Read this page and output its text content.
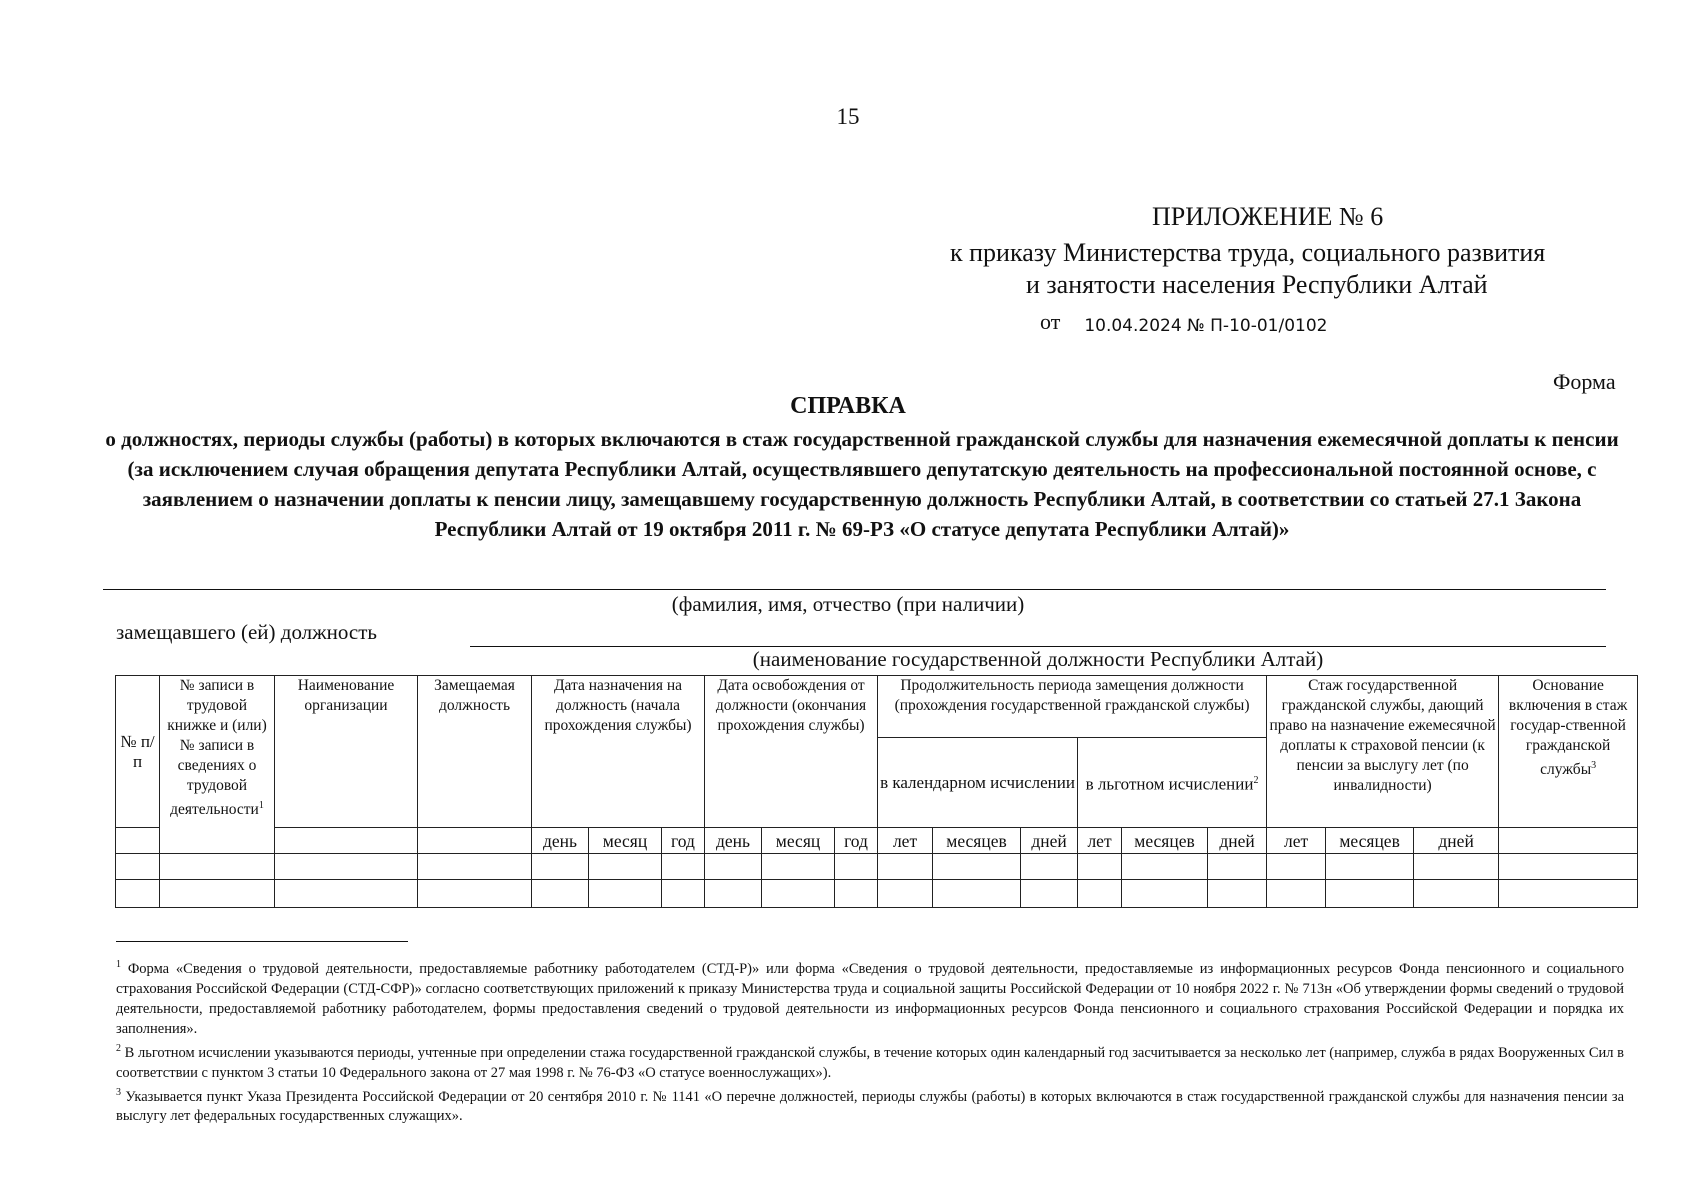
15
ПРИЛОЖЕНИЕ № 6
к приказу Министерства труда, социального развития
и занятости населения Республики Алтай
от 10.04.2024 № П-10-01/0102
Форма
СПРАВКА
о должностях, периоды службы (работы) в которых включаются в стаж государственной гражданской службы для назначения ежемесячной доплаты к пенсии (за исключением случая обращения депутата Республики Алтай, осуществлявшего депутатскую деятельность на профессиональной постоянной основе, с заявлением о назначении доплаты к пенсии лицу, замещавшему государственную должность Республики Алтай, в соответствии со статьей 27.1 Закона Республики Алтай от 19 октября 2011 г. № 69-РЗ «О статусе депутата Республики Алтай)»
(фамилия, имя, отчество (при наличии)
замещавшего (ей) должность
(наименование государственной должности Республики Алтай)
№ п/п	№ записи в трудовой книжке и (или) № записи в сведениях о трудовой деятельности$^1$	Наименование организации	Замещаемая должность	Дата назначения на должность (начала прохождения службы)			Дата освобождения от должности (окончания прохождения службы)			Продолжительность периода замещения должности (прохождения государственной гражданской службы)						Стаж государственной гражданской службы, дающий право на назначение ежемесячной доплаты к страховой пенсии (к пенсии за выслугу лет (по инвалидности)			Основание включения в стаж государ-ственной гражданской службы$^3$
										в календарном исчислении			в льготном исчислении$^2$
				день	месяц	год	день	месяц	год	лет	месяцев	дней	лет	месяцев	дней	лет	месяцев	дней	

$^1$ Форма «Сведения о трудовой деятельности, предоставляемые работнику работодателем (СТД-Р)» или форма «Сведения о трудовой деятельности, предоставляемые из информационных ресурсов Фонда пенсионного и социального страхования Российской Федерации (СТД-СФР)» согласно соответствующих приложений к приказу Министерства труда и социальной защиты Российской Федерации от 10 ноября 2022 г. № 713н «Об утверждении формы сведений о трудовой деятельности, предоставляемой работнику работодателем, формы предоставления сведений о трудовой деятельности из информационных ресурсов Фонда пенсионного и социального страхования Российской Федерации и порядка их заполнения».

$^2$ В льготном исчислении указываются периоды, учтенные при определении стажа государственной гражданской службы, в течение которых один календарный год засчитывается за несколько лет (например, служба в рядах Вооруженных Сил в соответствии с пунктом 3 статьи 10 Федерального закона от 27 мая 1998 г. № 76-ФЗ «О статусе военнослужащих»).

$^3$ Указывается пункт Указа Президента Российской Федерации от 20 сентября 2010 г. № 1141 «О перечне должностей, периоды службы (работы) в которых включаются в стаж государственной гражданской службы для назначения пенсии за выслугу лет федеральных государственных служащих».
